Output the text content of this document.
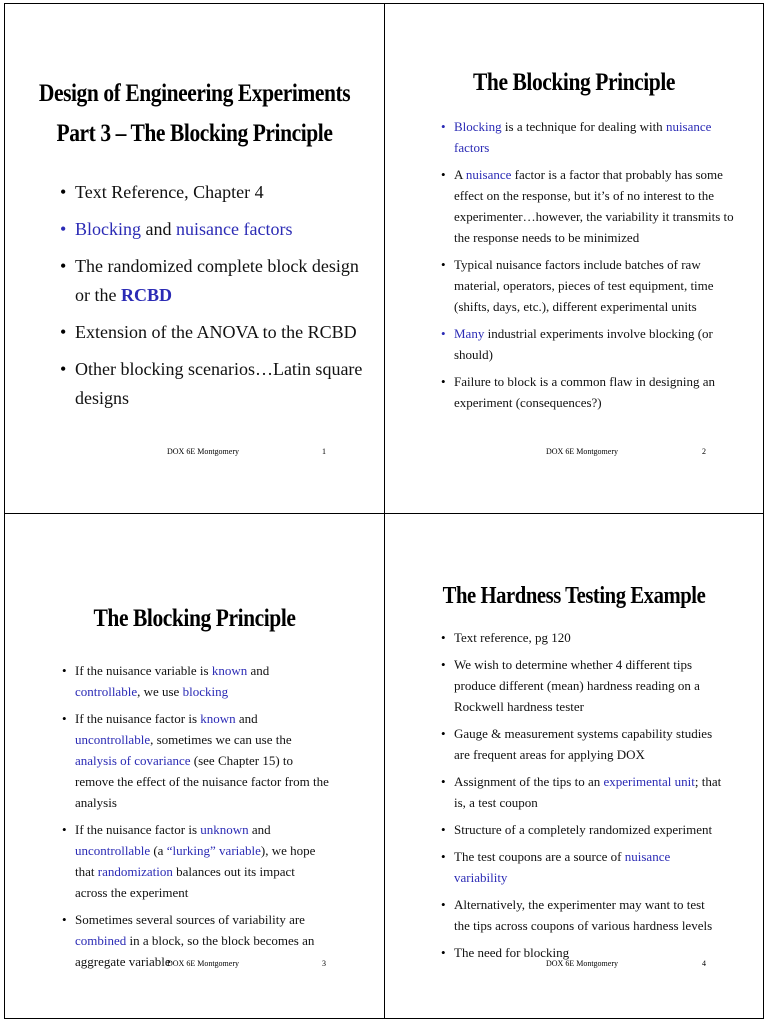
Design of Engineering Experiments
Part 3 – The Blocking Principle
• Text Reference, Chapter 4
• Blocking and nuisance factors
• The randomized complete block design or the RCBD
• Extension of the ANOVA to the RCBD
• Other blocking scenarios…Latin square designs
DOX 6E Montgomery	1
The Blocking Principle
• Blocking is a technique for dealing with nuisance factors
• A nuisance factor is a factor that probably has some effect on the response, but it’s of no interest to the experimenter…however, the variability it transmits to the response needs to be minimized
• Typical nuisance factors include batches of raw material, operators, pieces of test equipment, time (shifts, days, etc.), different experimental units
• Many industrial experiments involve blocking (or should)
• Failure to block is a common flaw in designing an experiment (consequences?)
DOX 6E Montgomery	2
The Blocking Principle
• If the nuisance variable is known and controllable, we use blocking
• If the nuisance factor is known and uncontrollable, sometimes we can use the analysis of covariance (see Chapter 15) to remove the effect of the nuisance factor from the analysis
• If the nuisance factor is unknown and uncontrollable (a “lurking” variable), we hope that randomization balances out its impact across the experiment
• Sometimes several sources of variability are combined in a block, so the block becomes an aggregate variable
DOX 6E Montgomery	3
The Hardness Testing Example
• Text reference, pg 120
• We wish to determine whether 4 different tips produce different (mean) hardness reading on a Rockwell hardness tester
• Gauge & measurement systems capability studies are frequent areas for applying DOX
• Assignment of the tips to an experimental unit; that is, a test coupon
• Structure of a completely randomized experiment
• The test coupons are a source of nuisance variability
• Alternatively, the experimenter may want to test the tips across coupons of various hardness levels
• The need for blocking
DOX 6E Montgomery	4
